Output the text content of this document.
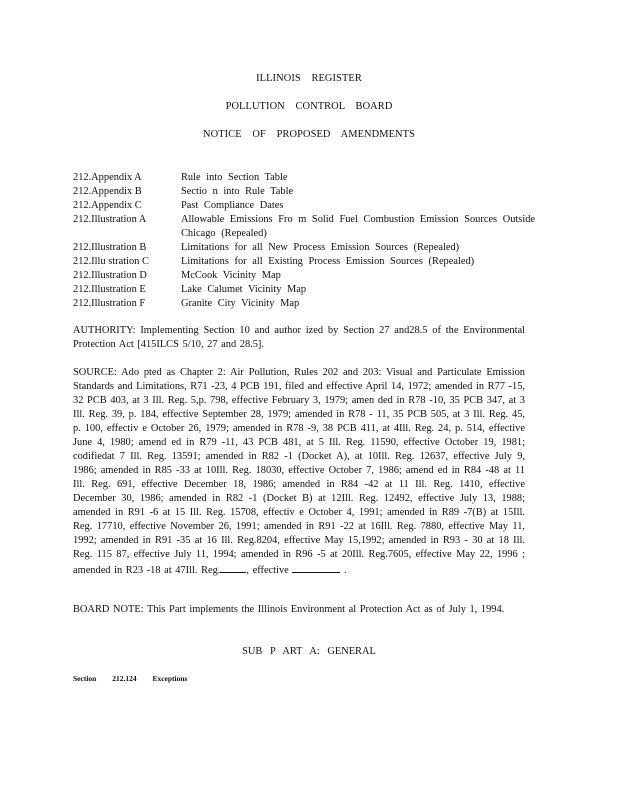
ILLINOIS REGISTER
POLLUTION CONTROL BOARD
NOTICE OF PROPOSED AMENDMENTS
212.Appendix A	Rule into Section Table
212.Appendix B	Sectio n into Rule Table
212.Appendix C	Past Compliance Dates
212.Illustration A	Allowable Emissions Fro m Solid Fuel Combustion Emission Sources Outside Chicago (Repealed)
212.Illustration B	Limitations for all New Process Emission Sources (Repealed)
212.Illu stration C	Limitations for all Existing Process Emission Sources (Repealed)
212.Illustration D	McCook Vicinity Map
212.Illustration E	Lake Calumet Vicinity Map
212.Illustration F	Granite City Vicinity Map
AUTHORITY: Implementing Section 10 and author ized by Section 27 and28.5 of the Environmental Protection Act [415ILCS 5/10, 27 and 28.5].
SOURCE: Ado pted as Chapter 2: Air Pollution, Rules 202 and 203: Visual and Particulate Emission Standards and Limitations, R71 -23, 4 PCB 191, filed and effective April 14, 1972; amended in R77 -15, 32 PCB 403, at 3 Ill. Reg. 5,p. 798, effective February 3, 1979; amen ded in R78 -10, 35 PCB 347, at 3 Ill. Reg. 39, p. 184, effective September 28, 1979; amended in R78 - 11, 35 PCB 505, at 3 Ill. Reg. 45, p. 100, effectiv e October 26, 1979; amended in R78 -9, 38 PCB 411, at 4Ill. Reg. 24, p. 514, effective June 4, 1980; amend ed in R79 -11, 43 PCB 481, at 5 Ill. Reg. 11590, effective October 19, 1981; codifiedat 7 Ill. Reg. 13591; amended in R82 -1 (Docket A), at 10Ill. Reg. 12637, effective July 9, 1986; amended in R85 -33 at 10Ill. Reg. 18030, effective October 7, 1986; amend ed in R84 -48 at 11 Ill. Reg. 691, effective December 18, 1986; amended in R84 -42 at 11 Ill. Reg. 1410, effective December 30, 1986; amended in R82 -1 (Docket B) at 12Ill. Reg. 12492, effective July 13, 1988; amended in R91 -6 at 15 Ill. Reg. 15708, effectiv e October 4, 1991; amended in R89 -7(B) at 15Ill. Reg. 17710, effective November 26, 1991; amended in R91 -22 at 16Ill. Reg. 7880, effective May 11, 1992; amended in R91 -35 at 16 Ill. Reg.8204, effective May 15,1992; amended in R93 - 30 at 18 Ill. Reg. 115 87, effective July 11, 1994; amended in R96 -5 at 20Ill. Reg.7605, effective May 22, 1996 ; amended in R23 -18 at 47Ill. Reg.	, effective	.
BOARD NOTE: This Part implements the Illinois Environment al Protection Act as of July 1, 1994.
SUB P ART A: GENERAL
Section 212.124 Exceptions
